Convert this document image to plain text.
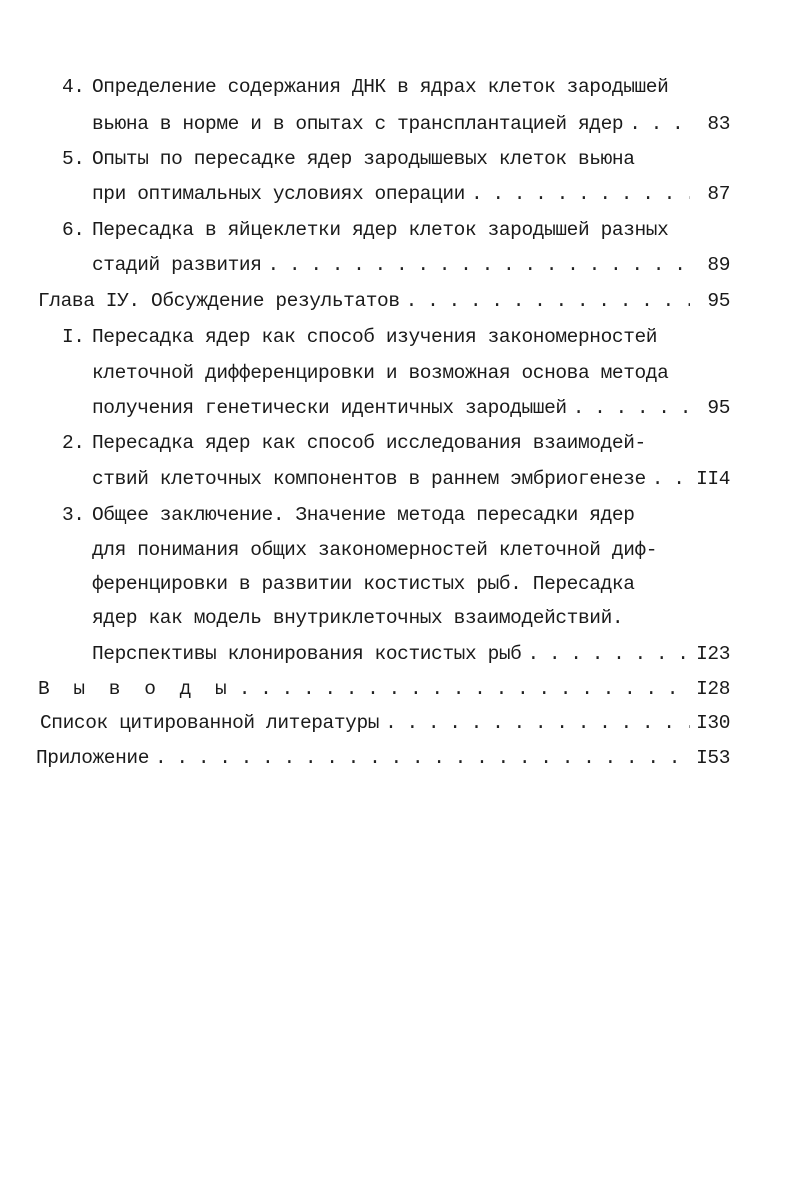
4. Определение содержания ДНК в ядрах клеток зародышей
вьюна в норме и в опытах с трансплантацией ядер . . .	83
5. Опыты по пересадке ядер зародышевых клеток вьюна
при оптимальных условиях операции . . .	87
6. Пересадка в яйцеклетки ядер клеток зародышей разных
стадий развития . . .	89
Глава IУ. Обсуждение результатов . . .	95
I. Пересадка ядер как способ изучения закономерностей
клеточной дифференцировки и возможная основа метода
получения генетически идентичных зародышей . . .	95
2. Пересадка ядер как способ исследования взаимодей-
ствий клеточных компонентов в раннем эмбриогенезе . . .	II4
3. Общее заключение. Значение метода пересадки ядер
для понимания общих закономерностей клеточной диф-
ференцировки в развитии костистых рыб. Пересадка
ядер как модель внутриклеточных взаимодействий.
Перспективы клонирования костистых рыб . . .	I23
В ы в о д ы . . .	I28
Список цитированной литературы . . .	I30
Приложение . . .	I53
